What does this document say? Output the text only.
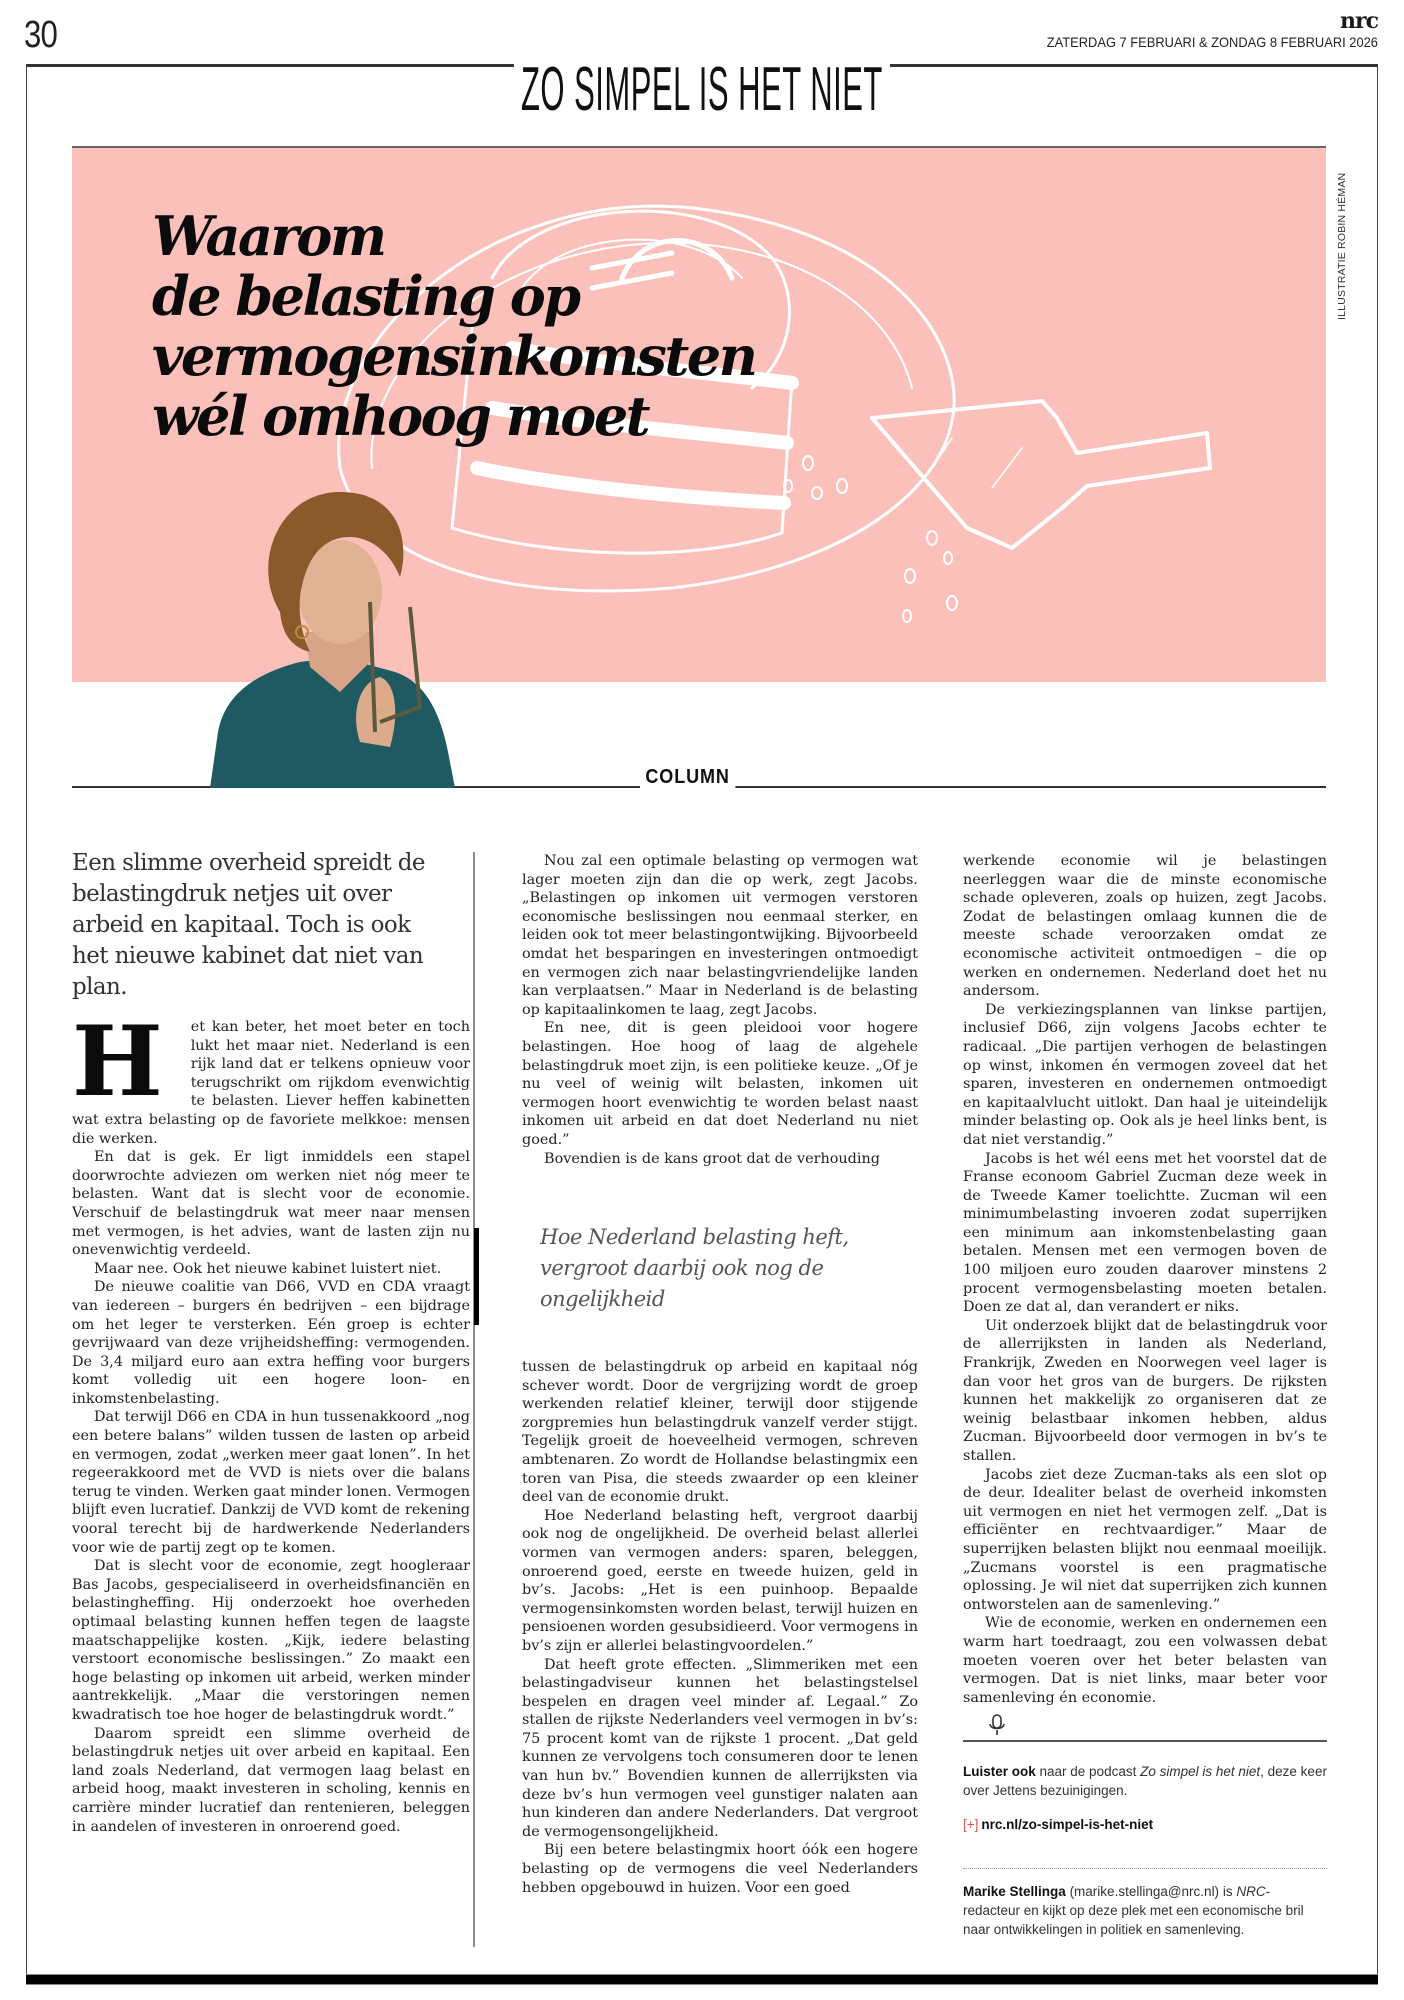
30	nrc
ZATERDAG 7 FEBRUARI & ZONDAG 8 FEBRUARI 2026
ZO SIMPEL IS HET NIET
Waarom
de belasting op
vermogensinkomsten
wél omhoog moet
ILLUSTRATIE ROBIN HÉMAN
COLUMN
Een slimme overheid spreidt de belastingdruk netjes uit over arbeid en kapitaal. Toch is ook het nieuwe kabinet dat niet van plan.

H et kan beter, het moet beter en toch lukt het maar niet. Nederland is een rijk land dat er telkens opnieuw voor terugschrikt om rijkdom evenwichtig te belasten. Liever heffen kabinetten wat extra belasting op de favoriete melkkoe: mensen die werken.

En dat is gek. Er ligt inmiddels een stapel doorwrochte adviezen om werken niet nóg meer te belasten. Want dat is slecht voor de economie. Verschuif de belastingdruk wat meer naar mensen met vermogen, is het advies, want de lasten zijn nu onevenwichtig verdeeld.

Maar nee. Ook het nieuwe kabinet luistert niet.

De nieuwe coalitie van D66, VVD en CDA vraagt van iedereen – burgers én bedrijven – een bijdrage om het leger te versterken. Eén groep is echter gevrijwaard van deze vrijheidsheffing: vermogenden. De 3,4 miljard euro aan extra heffing voor burgers komt volledig uit een hogere loon- en inkomstenbelasting.

Dat terwijl D66 en CDA in hun tussenakkoord „nog een betere balans” wilden tussen de lasten op arbeid en vermogen, zodat „werken meer gaat lonen”. In het regeerakkoord met de VVD is niets over die balans terug te vinden. Werken gaat minder lonen. Vermogen blijft even lucratief. Dankzij de VVD komt de rekening vooral terecht bij de hardwerkende Nederlanders voor wie de partij zegt op te komen.

Dat is slecht voor de economie, zegt hoogleraar Bas Jacobs, gespecialiseerd in overheidsfinanciën en belastingheffing. Hij onderzoekt hoe overheden optimaal belasting kunnen heffen tegen de laagste maatschappelijke kosten. „Kijk, iedere belasting verstoort economische beslissingen.” Zo maakt een hoge belasting op inkomen uit arbeid, werken minder aantrekkelijk. „Maar die verstoringen nemen kwadratisch toe hoe hoger de belastingdruk wordt.”

Daarom spreidt een slimme overheid de belastingdruk netjes uit over arbeid en kapitaal. Een land zoals Nederland, dat vermogen laag belast en arbeid hoog, maakt investeren in scholing, kennis en carrière minder lucratief dan rentenieren, beleggen in aandelen of investeren in onroerend goed.

Nou zal een optimale belasting op vermogen wat lager moeten zijn dan die op werk, zegt Jacobs. „Belastingen op inkomen uit vermogen verstoren economische beslissingen nou eenmaal sterker, en leiden ook tot meer belastingontwijking. Bijvoorbeeld omdat het besparingen en investeringen ontmoedigt en vermogen zich naar belastingvriendelijke landen kan verplaatsen.” Maar in Nederland is de belasting op kapitaalinkomen te laag, zegt Jacobs.

En nee, dit is geen pleidooi voor hogere belastingen. Hoe hoog of laag de algehele belastingdruk moet zijn, is een politieke keuze. „Of je nu veel of weinig wilt belasten, inkomen uit vermogen hoort evenwichtig te worden belast naast inkomen uit arbeid en dat doet Nederland nu niet goed.”

Bovendien is de kans groot dat de verhouding

Hoe Nederland belasting heft, vergroot daarbij ook nog de ongelijkheid

tussen de belastingdruk op arbeid en kapitaal nóg schever wordt. Door de vergrijzing wordt de groep werkenden relatief kleiner, terwijl door stijgende zorgpremies hun belastingdruk vanzelf verder stijgt. Tegelijk groeit de hoeveelheid vermogen, schreven ambtenaren. Zo wordt de Hollandse belastingmix een toren van Pisa, die steeds zwaarder op een kleiner deel van de economie drukt.

Hoe Nederland belasting heft, vergroot daarbij ook nog de ongelijkheid. De overheid belast allerlei vormen van vermogen anders: sparen, beleggen, onroerend goed, eerste en tweede huizen, geld in bv’s. Jacobs: „Het is een puinhoop. Bepaalde vermogensinkomsten worden belast, terwijl huizen en pensioenen worden gesubsidieerd. Voor vermogens in bv’s zijn er allerlei belastingvoordelen.”

Dat heeft grote effecten. „Slimmeriken met een belastingadviseur kunnen het belastingstelsel bespelen en dragen veel minder af. Legaal.” Zo stallen de rijkste Nederlanders veel vermogen in bv’s: 75 procent komt van de rijkste 1 procent. „Dat geld kunnen ze vervolgens toch consumeren door te lenen van hun bv.” Bovendien kunnen de allerrijksten via deze bv’s hun vermogen veel gunstiger nalaten aan hun kinderen dan andere Nederlanders. Dat vergroot de vermogensongelijkheid.

Bij een betere belastingmix hoort óók een hogere belasting op de vermogens die veel Nederlanders hebben opgebouwd in huizen. Voor een goed

werkende economie wil je belastingen neerleggen waar die de minste economische schade opleveren, zoals op huizen, zegt Jacobs. Zodat de belastingen omlaag kunnen die de meeste schade veroorzaken omdat ze economische activiteit ontmoedigen – die op werken en ondernemen. Nederland doet het nu andersom.

De verkiezingsplannen van linkse partijen, inclusief D66, zijn volgens Jacobs echter te radicaal. „Die partijen verhogen de belastingen op winst, inkomen én vermogen zoveel dat het sparen, investeren en ondernemen ontmoedigt en kapitaalvlucht uitlokt. Dan haal je uiteindelijk minder belasting op. Ook als je heel links bent, is dat niet verstandig.”

Jacobs is het wél eens met het voorstel dat de Franse econoom Gabriel Zucman deze week in de Tweede Kamer toelichtte. Zucman wil een minimumbelasting invoeren zodat superrijken een minimum aan inkomstenbelasting gaan betalen. Mensen met een vermogen boven de 100 miljoen euro zouden daarover minstens 2 procent vermogensbelasting moeten betalen. Doen ze dat al, dan verandert er niks.

Uit onderzoek blijkt dat de belastingdruk voor de allerrijksten in landen als Nederland, Frankrijk, Zweden en Noorwegen veel lager is dan voor het gros van de burgers. De rijksten kunnen het makkelijk zo organiseren dat ze weinig belastbaar inkomen hebben, aldus Zucman. Bijvoorbeeld door vermogen in bv’s te stallen.

Jacobs ziet deze Zucman-taks als een slot op de deur. Idealiter belast de overheid inkomsten uit vermogen en niet het vermogen zelf. „Dat is efficiënter en rechtvaardiger.” Maar de superrijken belasten blijkt nou eenmaal moeilijk. „Zucmans voorstel is een pragmatische oplossing. Je wil niet dat superrijken zich kunnen ontworstelen aan de samenleving.”

Wie de economie, werken en ondernemen een warm hart toedraagt, zou een volwassen debat moeten voeren over het beter belasten van vermogen. Dat is niet links, maar beter voor samenleving én economie.

Luister ook naar de podcast Zo simpel is het niet, deze keer over Jettens bezuinigingen.
[+] nrc.nl/zo-simpel-is-het-niet
Marike Stellinga (marike.stellinga@nrc.nl) is NRC-redacteur en kijkt op deze plek met een economische bril naar ontwikkelingen in politiek en samenleving.
